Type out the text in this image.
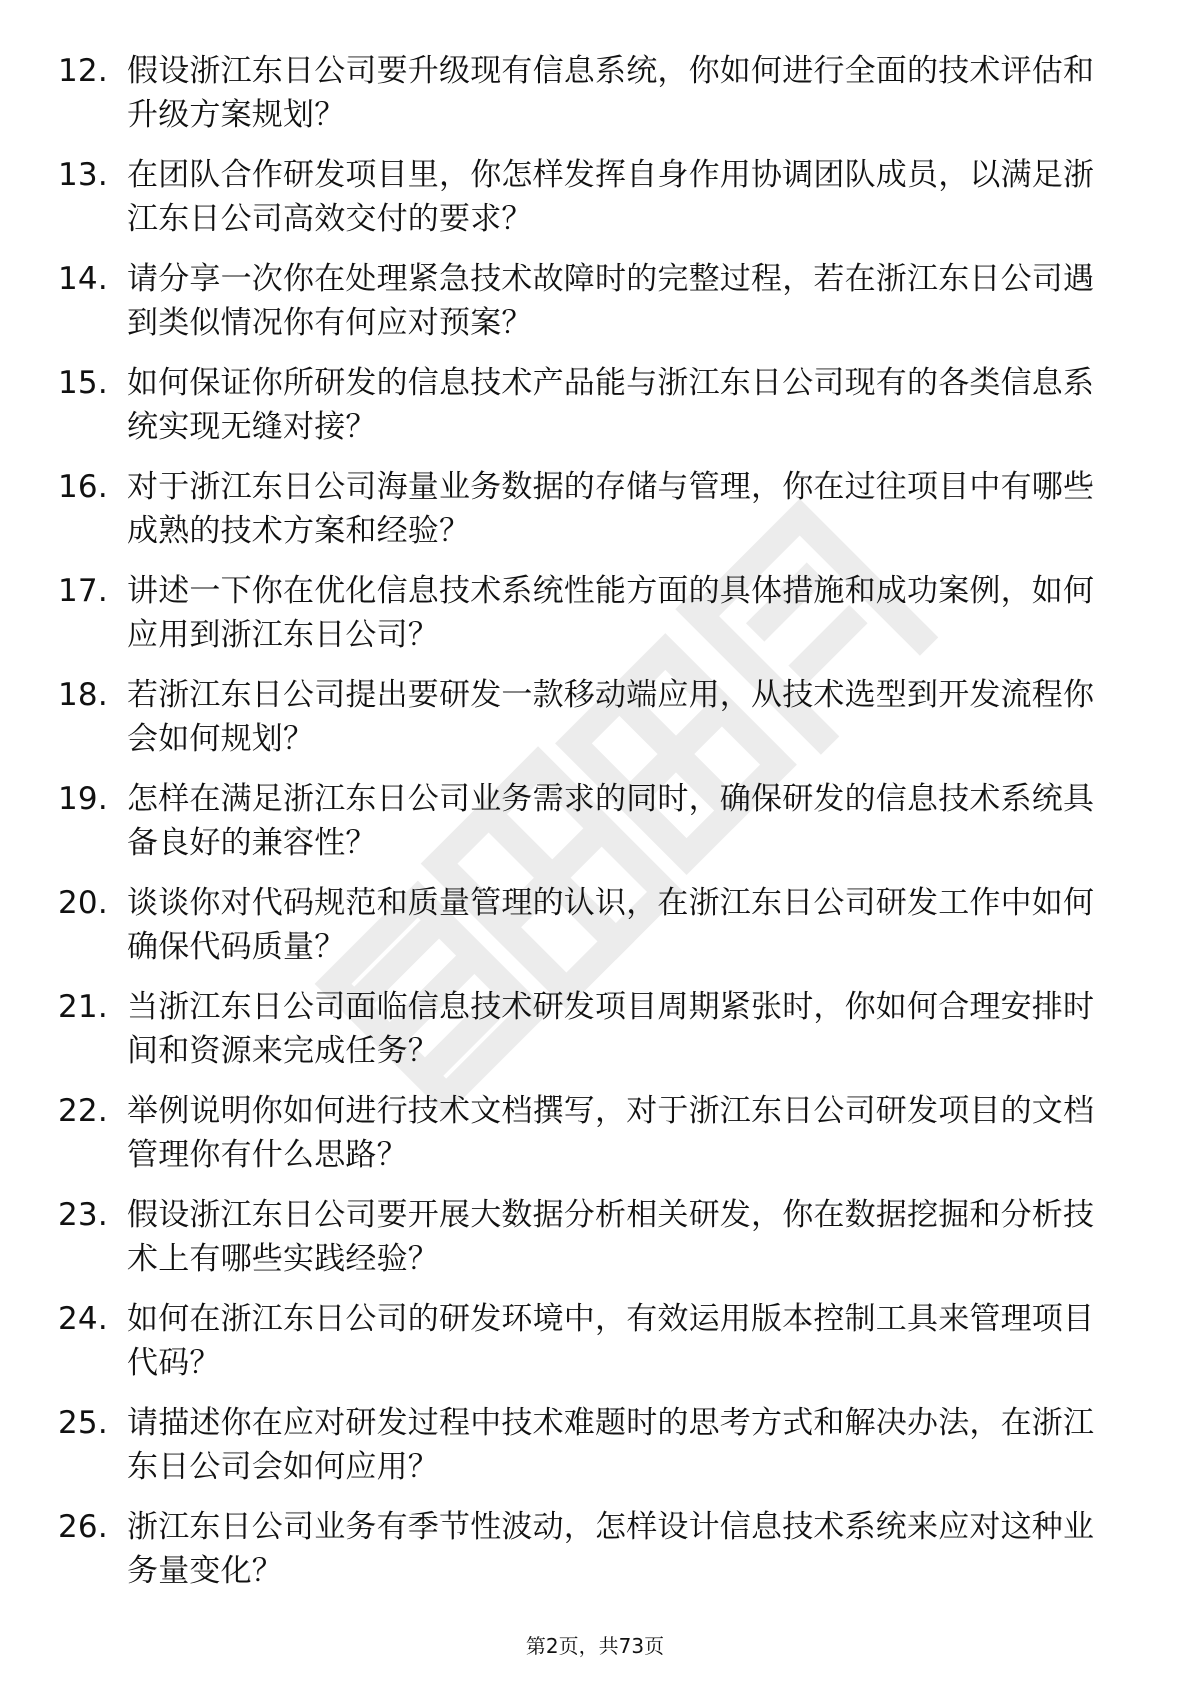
12. 假设浙江东日公司要升级现有信息系统，你如何进行全面的技术评估和升级方案规划？
13. 在团队合作研发项目里，你怎样发挥自身作用协调团队成员，以满足浙江东日公司高效交付的要求？
14. 请分享一次你在处理紧急技术故障时的完整过程，若在浙江东日公司遇到类似情况你有何应对预案？
15. 如何保证你所研发的信息技术产品能与浙江东日公司现有的各类信息系统实现无缝对接？
16. 对于浙江东日公司海量业务数据的存储与管理，你在过往项目中有哪些成熟的技术方案和经验？
17. 讲述一下你在优化信息技术系统性能方面的具体措施和成功案例，如何应用到浙江东日公司？
18. 若浙江东日公司提出要研发一款移动端应用，从技术选型到开发流程你会如何规划？
19. 怎样在满足浙江东日公司业务需求的同时，确保研发的信息技术系统具备良好的兼容性？
20. 谈谈你对代码规范和质量管理的认识，在浙江东日公司研发工作中如何确保代码质量？
21. 当浙江东日公司面临信息技术研发项目周期紧张时，你如何合理安排时间和资源来完成任务？
22. 举例说明你如何进行技术文档撰写，对于浙江东日公司研发项目的文档管理你有什么思路？
23. 假设浙江东日公司要开展大数据分析相关研发，你在数据挖掘和分析技术上有哪些实践经验？
24. 如何在浙江东日公司的研发环境中，有效运用版本控制工具来管理项目代码？
25. 请描述你在应对研发过程中技术难题时的思考方式和解决办法，在浙江东日公司会如何应用？
26. 浙江东日公司业务有季节性波动，怎样设计信息技术系统来应对这种业务量变化？
第2页，共73页
